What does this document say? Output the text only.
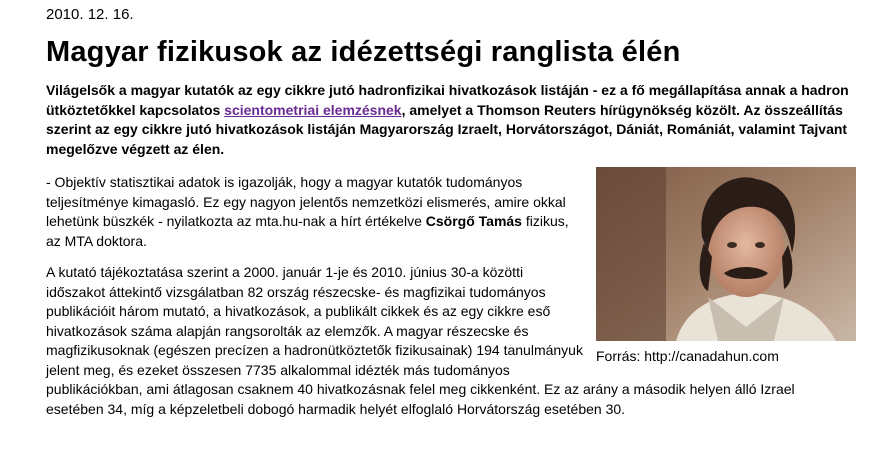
2010. 12. 16.
Magyar fizikusok az idézettségi ranglista élén
Világelsők a magyar kutatók az egy cikkre jutó hadronfizikai hivatkozások listáján - ez a fő megállapítása annak a hadron ütköztetőkkel kapcsolatos scientometriai elemzésnek, amelyet a Thomson Reuters hírügynökség közölt. Az összeállítás szerint az egy cikkre jutó hivatkozások listáján Magyarország Izraelt, Horvátországot, Dániát, Romániát, valamint Tajvant megelőzve végzett az élen.
Forrás: http://canadahun.com

- Objektív statisztikai adatok is igazolják, hogy a magyar kutatók tudományos teljesítménye kimagasló. Ez egy nagyon jelentős nemzetközi elismerés, amire okkal lehetünk büszkék - nyilatkozta az mta.hu-nak a hírt értékelve Csörgő Tamás fizikus, az MTA doktora.

A kutató tájékoztatása szerint a 2000. január 1-je és 2010. június 30-a közötti időszakot áttekintő vizsgálatban 82 ország részecske- és magfizikai tudományos publikációit három mutató, a hivatkozások, a publikált cikkek és az egy cikkre eső hivatkozások száma alapján rangsorolták az elemzők. A magyar részecske és magfizikusoknak (egészen precízen a hadronütköztetők fizikusainak) 194 tanulmányuk jelent meg, és ezeket összesen 7735 alkalommal idézték más tudományos publikációkban, ami átlagosan csaknem 40 hivatkozásnak felel meg cikkenként. Ez az arány a második helyen álló Izrael esetében 34, míg a képzeletbeli dobogó harmadik helyét elfoglaló Horvátország esetében 30.
